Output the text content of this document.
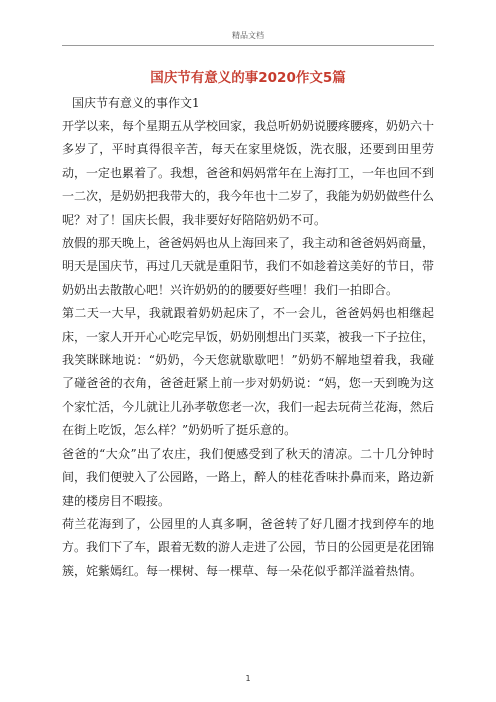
精品文档
国庆节有意义的事2020作文5篇

国庆节有意义的事作文1

开学以来，每个星期五从学校回家，我总听奶奶说腰疼腰疼，奶奶六十多岁了，平时真得很辛苦，每天在家里烧饭，洗衣服，还要到田里劳动，一定也累着了。我想，爸爸和妈妈常年在上海打工，一年也回不到一二次，是奶奶把我带大的，我今年也十二岁了，我能为奶奶做些什么呢？对了！国庆长假，我非要好好陪陪奶奶不可。

放假的那天晚上，爸爸妈妈也从上海回来了，我主动和爸爸妈妈商量，明天是国庆节，再过几天就是重阳节，我们不如趁着这美好的节日，带奶奶出去散散心吧！兴许奶奶的的腰要好些哩！我们一拍即合。

第二天一大早，我就跟着奶奶起床了，不一会儿，爸爸妈妈也相继起床，一家人开开心心吃完早饭，奶奶刚想出门买菜，被我一下子拉住，我笑眯眯地说：“奶奶，今天您就歇歇吧！”奶奶不解地望着我，我碰了碰爸爸的衣角，爸爸赶紧上前一步对奶奶说：“妈，您一天到晚为这个家忙活，今儿就让儿孙孝敬您老一次，我们一起去玩荷兰花海，然后在街上吃饭，怎么样？”奶奶听了挺乐意的。

爸爸的“大众”出了农庄，我们便感受到了秋天的清凉。二十几分钟时间，我们便驶入了公园路，一路上，醉人的桂花香味扑鼻而来，路边新建的楼房目不暇接。

荷兰花海到了，公园里的人真多啊，爸爸转了好几圈才找到停车的地方。我们下了车，跟着无数的游人走进了公园，节日的公园更是花团锦簇，姹紫嫣红。每一棵树、每一棵草、每一朵花似乎都洋溢着热情。

1
